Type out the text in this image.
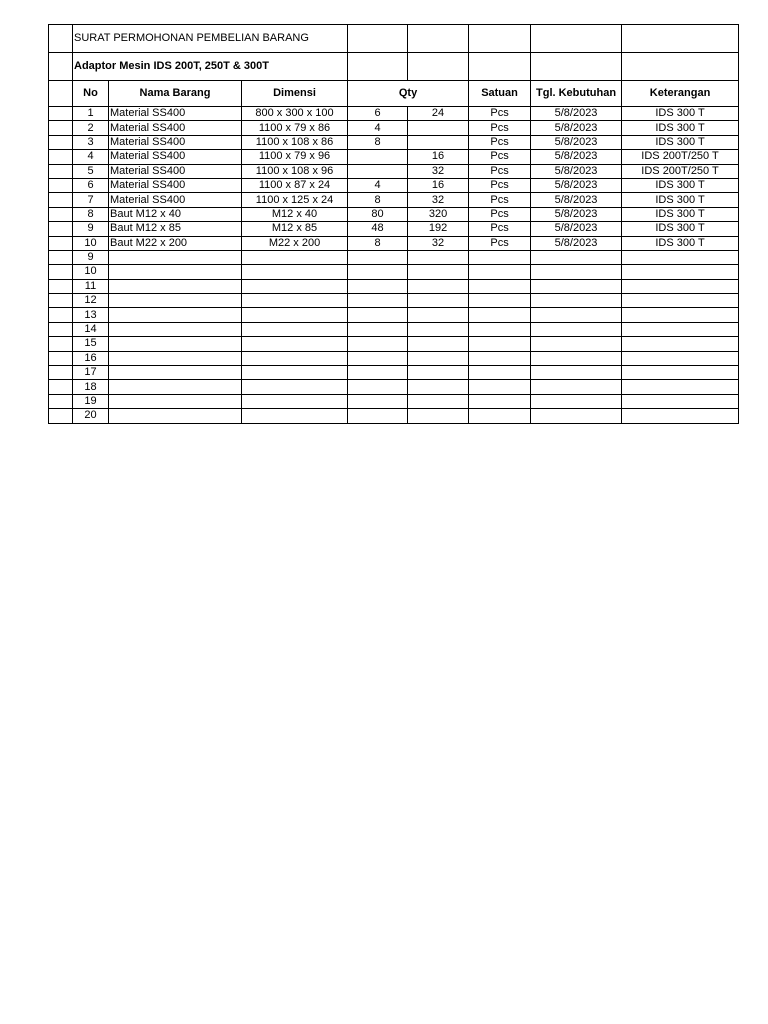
	SURAT PERMOHONAN PEMBELIAN BARANG							
	Adaptor Mesin IDS 200T, 250T & 300T							
	No	Nama Barang	Dimensi	Qty		Satuan	Tgl. Kebutuhan	Keterangan
	1	Material SS400	800 x 300 x 100	6	24	Pcs	5/8/2023	IDS 300 T
	2	Material SS400	1100 x 79 x 86	4		Pcs	5/8/2023	IDS 300 T
	3	Material SS400	1100 x 108 x 86	8		Pcs	5/8/2023	IDS 300 T
	4	Material SS400	1100 x 79 x 96		16	Pcs	5/8/2023	IDS 200T/250 T
	5	Material SS400	1100 x 108 x 96		32	Pcs	5/8/2023	IDS 200T/250 T
	6	Material SS400	1100 x 87 x 24	4	16	Pcs	5/8/2023	IDS 300 T
	7	Material SS400	1100 x 125 x 24	8	32	Pcs	5/8/2023	IDS 300 T
	8	Baut M12 x 40	M12 x 40	80	320	Pcs	5/8/2023	IDS 300 T
	9	Baut M12 x 85	M12 x 85	48	192	Pcs	5/8/2023	IDS 300 T
	10	Baut M22 x 200	M22 x 200	8	32	Pcs	5/8/2023	IDS 300 T
	9							
	10							
	11							
	12							
	13							
	14							
	15							
	16							
	17							
	18							
	19							
	20							
